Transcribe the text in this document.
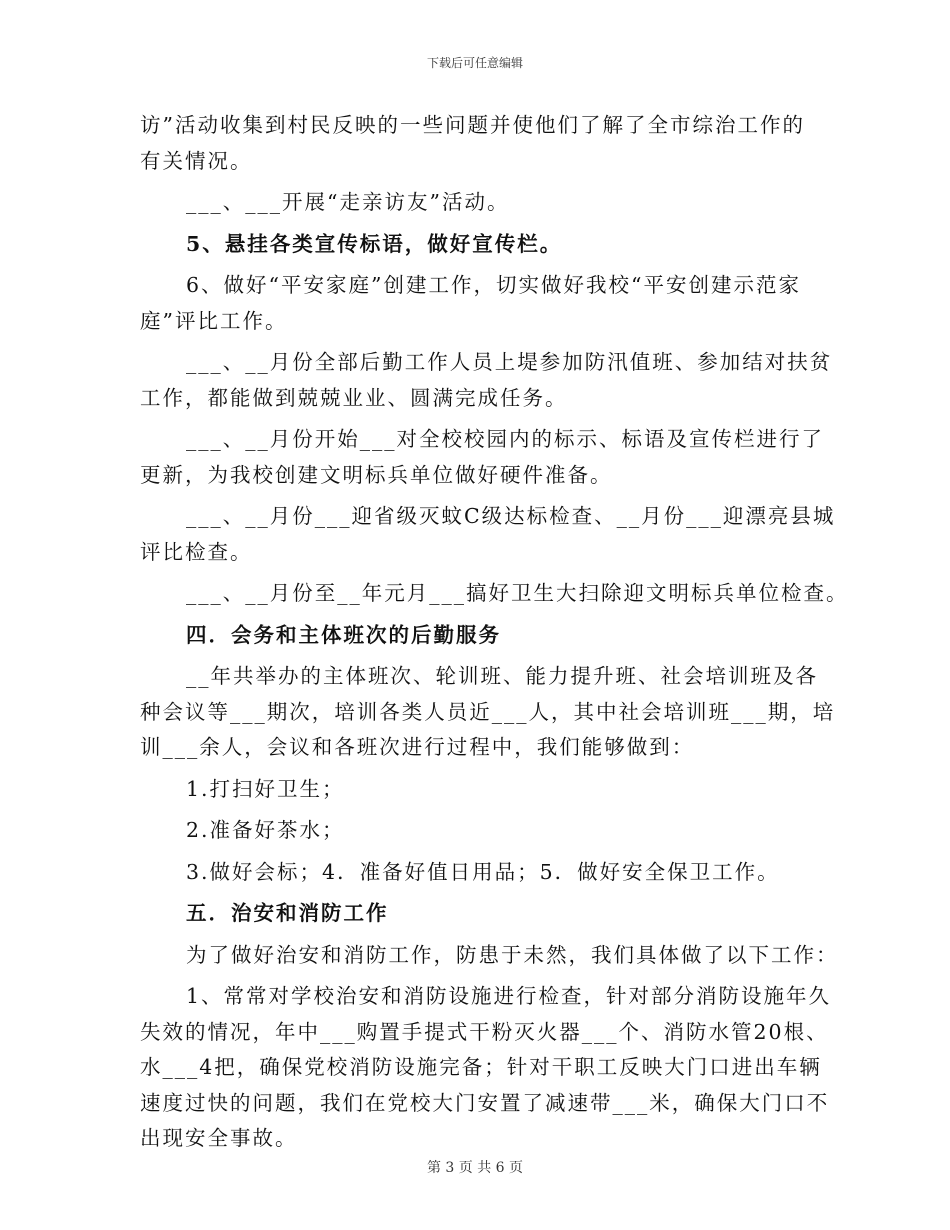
下载后可任意编辑
访”活动收集到村民反映的一些问题并使他们了解了全市综治工作的
有关情况。
___、___开展“走亲访友”活动。
5、悬挂各类宣传标语，做好宣传栏。
6、做好“平安家庭”创建工作，切实做好我校“平安创建示范家
庭”评比工作。
___、__月份全部后勤工作人员上堤参加防汛值班、参加结对扶贫
工作，都能做到兢兢业业、圆满完成任务。
___、__月份开始___对全校校园内的标示、标语及宣传栏进行了
更新，为我校创建文明标兵单位做好硬件准备。
___、__月份___迎省级灭蚊C级达标检查、__月份___迎漂亮县城
评比检查。
___、__月份至__年元月___搞好卫生大扫除迎文明标兵单位检查。
四．会务和主体班次的后勤服务
__年共举办的主体班次、轮训班、能力提升班、社会培训班及各
种会议等___期次，培训各类人员近___人，其中社会培训班___期，培
训___余人，会议和各班次进行过程中，我们能够做到：
1.打扫好卫生；
2.准备好茶水；
3.做好会标；4．准备好值日用品；5．做好安全保卫工作。
五．治安和消防工作
为了做好治安和消防工作，防患于未然，我们具体做了以下工作：
1、常常对学校治安和消防设施进行检查，针对部分消防设施年久
失效的情况，年中___购置手提式干粉灭火器___个、消防水管20根、
水___4把，确保党校消防设施完备；针对干职工反映大门口进出车辆
速度过快的问题，我们在党校大门安置了减速带___米，确保大门口不
出现安全事故。
第 3 页 共 6 页
